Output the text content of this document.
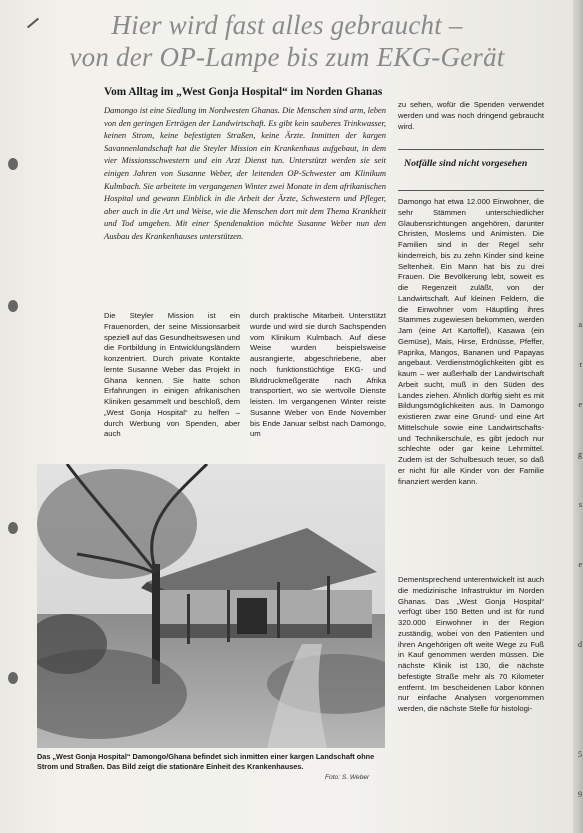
Hier wird fast alles gebraucht –
von der OP-Lampe bis zum EKG-Gerät
Vom Alltag im „West Gonja Hospital“ im Norden Ghanas
Damongo ist eine Siedlung im Nordwesten Ghanas. Die Menschen sind arm, leben von den geringen Erträgen der Landwirtschaft. Es gibt kein sauberes Trinkwasser, keinen Strom, keine befestigten Straßen, keine Ärzte. Inmitten der kargen Savannenlandschaft hat die Steyler Mission ein Krankenhaus aufgebaut, in dem vier Missionsschwestern und ein Arzt Dienst tun. Unterstützt werden sie seit einigen Jahren von Susanne Weber, der leitenden OP-Schwester am Klinikum Kulmbach. Sie arbeitete im vergangenen Winter zwei Monate in dem afrikanischen Hospital und gewann Einblick in die Arbeit der Ärzte, Schwestern und Pfleger, aber auch in die Art und Weise, wie die Menschen dort mit dem Thema Krankheit und Tod umgehen. Mit einer Spendenaktion möchte Susanne Weber nun den Ausbau des Krankenhauses unterstützen.
Die Steyler Mission ist ein Frauenorden, der seine Missionsarbeit speziell auf das Gesundheitswesen und die Fortbildung in Entwicklungsländern konzentriert. Durch private Kontakte lernte Susanne Weber das Projekt in Ghana kennen. Sie hatte schon Erfahrungen in einigen afrikanischen Kliniken gesammelt und beschloß, dem „West Gonja Hospital“ zu helfen – durch Werbung von Spenden, aber auch
durch praktische Mitarbeit. Unterstützt wurde und wird sie durch Sachspenden vom Klinikum Kulmbach. Auf diese Weise wurden beispielsweise ausrangierte, abgeschriebene, aber noch funktionstüchtige EKG- und Blutdruckmeßgeräte nach Afrika transportiert, wo sie wertvolle Dienste leisten. Im vergangenen Winter reiste Susanne Weber von Ende November bis Ende Januar selbst nach Damongo, um
zu sehen, wofür die Spenden verwendet werden und was noch dringend gebraucht wird.
Notfälle sind nicht vorgesehen
Damongo hat etwa 12.000 Einwohner, die sehr Stämmen unterschiedlicher Glaubensrichtungen angehören, darunter Christen, Moslems und Animisten. Die Familien sind in der Regel sehr kinderreich, bis zu zehn Kinder sind keine Seltenheit. Ein Mann hat bis zu drei Frauen. Die Bevölkerung lebt, soweit es die Regenzeit zuläßt, von der Landwirtschaft. Auf kleinen Feldern, die die Einwohner vom Häuptling ihres Stammes zugewiesen bekommen, werden Jam (eine Art Kartoffel), Kasawa (ein Gemüse), Mais, Hirse, Erdnüsse, Pfeffer, Paprika, Mangos, Bananen und Papayas angebaut. Verdienstmöglichkeiten gibt es kaum – wer außerhalb der Landwirtschaft Arbeit sucht, muß in den Süden des Landes ziehen. Ähnlich dürftig sieht es mit Bildungsmöglichkeiten aus. In Damongo existieren zwar eine Grund- und eine Art Mittelschule sowie eine Landwirtschafts- und Technikerschule, es gibt jedoch nur schlechte oder gar keine Lehrmittel. Zudem ist der Schulbesuch teuer, so daß er nicht für alle Kinder von der Familie finanziert werden kann.
Dementsprechend unterentwickelt ist auch die medizinische Infrastruktur im Norden Ghanas. Das „West Gonja Hospital“ verfügt über 150 Betten und ist für rund 320.000 Einwohner in der Region zuständig, wobei von den Patienten und ihren Angehörigen oft weite Wege zu Fuß in Kauf genommen werden müssen. Die nächste Klinik ist 130, die nächste befestigte Straße mehr als 70 Kilometer entfernt. Im bescheidenen Labor können nur einfache Analysen vorgenommen werden, die nächste Stelle für histologi-
Das „West Gonja Hospital“ Damongo/Ghana befindet sich inmitten einer kargen Landschaft ohne Strom und Straßen. Das Bild zeigt die stationäre Einheit des Krankenhauses.
Foto: S. Weber
a
r
e
g
s
e
d
5
9
